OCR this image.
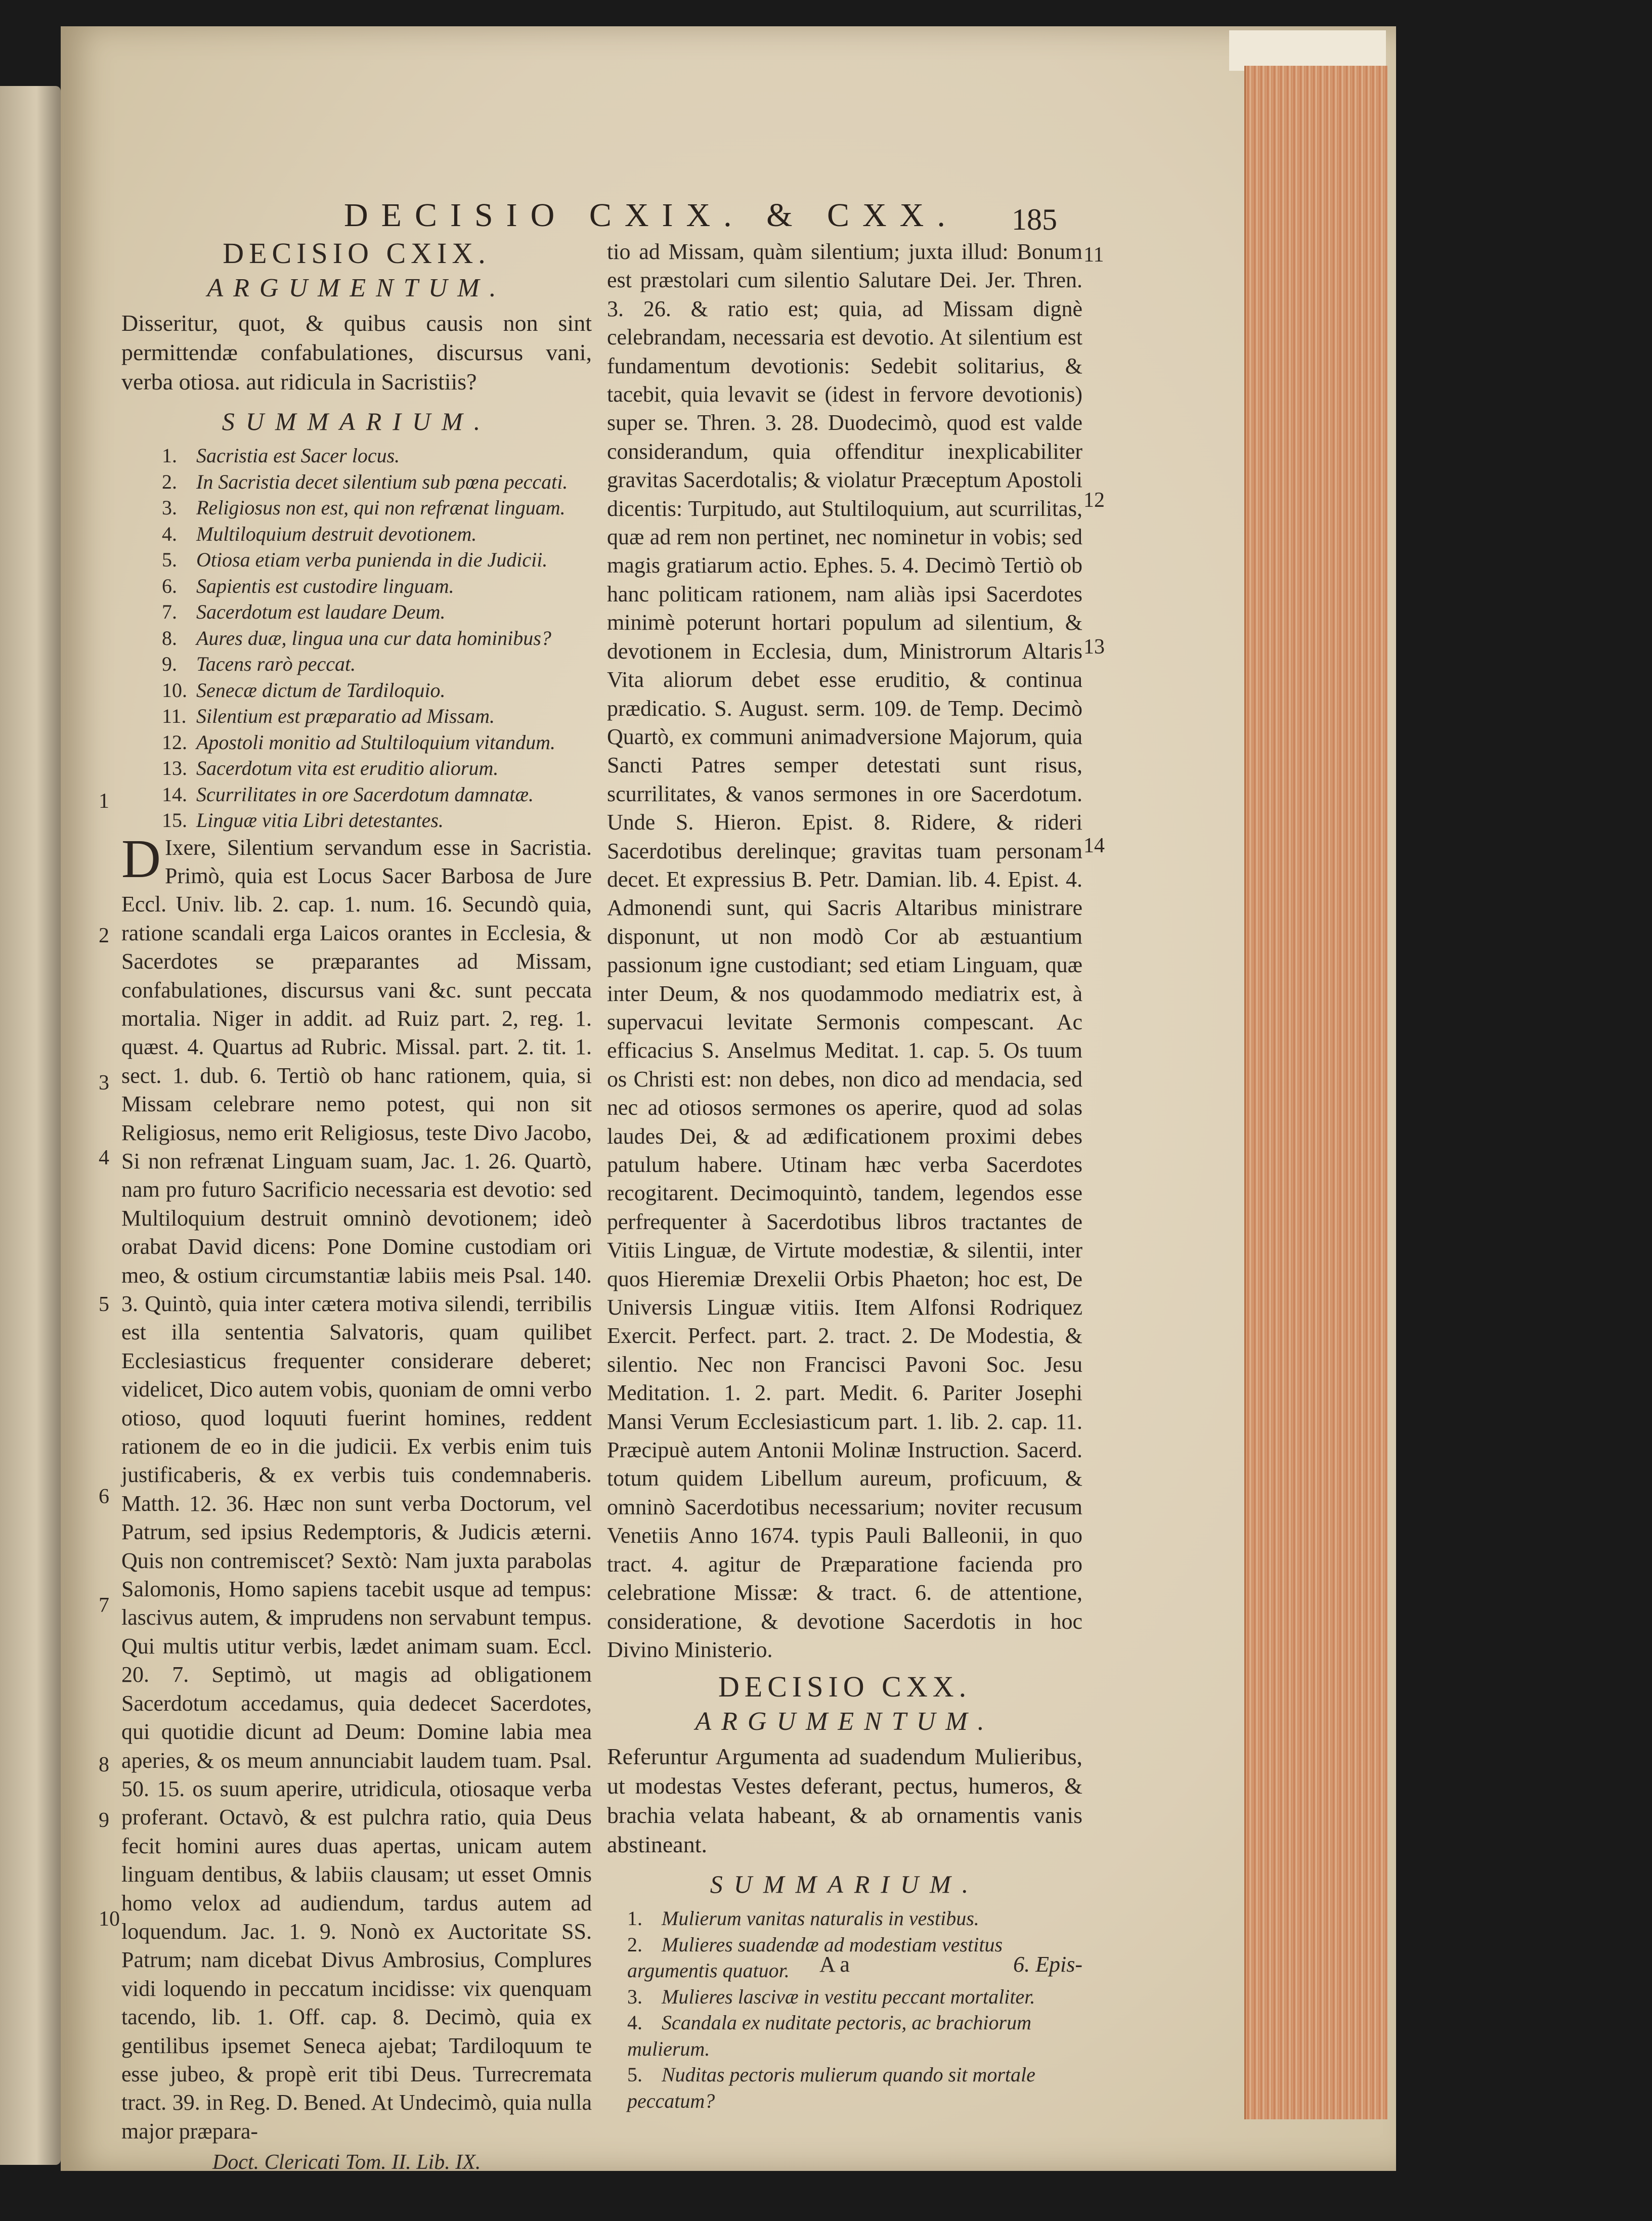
DECISIO CXIX. & CXX.	185
DECISIO CXIX.
ARGUMENTUM.

Disseritur, quot, & quibus causis non sint permittendæ confabulationes, discursus vani, verba otiosa. aut ridicula in Sacristiis?

SUMMARIUM.
1. Sacristia est Sacer locus.
2. In Sacristia decet silentium sub pœna peccati.
3. Religiosus non est, qui non refrænat linguam.
4. Multiloquium destruit devotionem.
5. Otiosa etiam verba punienda in die Judicii.
6. Sapientis est custodire linguam.
7. Sacerdotum est laudare Deum.
8. Aures duæ, lingua una cur data hominibus?
9. Tacens rarò peccat.
10. Senecæ dictum de Tardiloquio.
11. Silentium est præparatio ad Missam.
12. Apostoli monitio ad Stultiloquium vitandum.
13. Sacerdotum vita est eruditio aliorum.
14. Scurrilitates in ore Sacerdotum damnatæ.
15. Linguæ vitia Libri detestantes.

D Ixere, Silentium servandum esse in Sacristia. Primò, quia est Locus Sacer Barbosa de Jure Eccl. Univ. lib. 2. cap. 1. num. 16. Secundò quia, ratione scandali erga Laicos orantes in Ecclesia, & Sacerdotes se præparantes ad Missam, confabulationes, discursus vani &c. sunt peccata mortalia. Niger in addit. ad Ruiz part. 2, reg. 1. quæst. 4. Quartus ad Rubric. Missal. part. 2. tit. 1. sect. 1. dub. 6. Tertiò ob hanc rationem, quia, si Missam celebrare nemo potest, qui non sit Religiosus, nemo erit Religiosus, teste Divo Jacobo, Si non refrænat Linguam suam, Jac. 1. 26. Quartò, nam pro futuro Sacrificio necessaria est devotio: sed Multiloquium destruit omninò devotionem; ideò orabat David dicens: Pone Domine custodiam ori meo, & ostium circumstantiæ labiis meis Psal. 140. 3. Quintò, quia inter cætera motiva silendi, terribilis est illa sententia Salvatoris, quam quilibet Ecclesiasticus frequenter considerare deberet; videlicet, Dico autem vobis, quoniam de omni verbo otioso, quod loquuti fuerint homines, reddent rationem de eo in die judicii. Ex verbis enim tuis justificaberis, & ex verbis tuis condemnaberis. Matth. 12. 36. Hæc non sunt verba Doctorum, vel Patrum, sed ipsius Redemptoris, & Judicis æterni. Quis non contremiscet? Sextò: Nam juxta parabolas Salomonis, Homo sapiens tacebit usque ad tempus: lascivus autem, & imprudens non servabunt tempus. Qui multis utitur verbis, lædet animam suam. Eccl. 20. 7. Septimò, ut magis ad obligationem Sacerdotum accedamus, quia dedecet Sacerdotes, qui quotidie dicunt ad Deum: Domine labia mea aperies, & os meum annunciabit laudem tuam. Psal. 50. 15. os suum aperire, utridicula, otiosaque verba proferant. Octavò, & est pulchra ratio, quia Deus fecit homini aures duas apertas, unicam autem linguam dentibus, & labiis clausam; ut esset Omnis homo velox ad audiendum, tardus autem ad loquendum. Jac. 1. 9. Nonò ex Auctoritate SS. Patrum; nam dicebat Divus Ambrosius, Complures vidi loquendo in peccatum incidisse: vix quenquam tacendo, lib. 1. Off. cap. 8. Decimò, quia ex gentilibus ipsemet Seneca ajebat; Tardiloquum te esse jubeo, & propè erit tibi Deus. Turrecremata tract. 39. in Reg. D. Bened. At Undecimò, quia nulla major præpara-

Doct. Clericati Tom. II. Lib. IX.

tio ad Missam, quàm silentium; juxta illud: Bonum est præstolari cum silentio Salutare Dei. Jer. Thren. 3. 26. & ratio est; quia, ad Missam dignè celebrandam, necessaria est devotio. At silentium est fundamentum devotionis: Sedebit solitarius, & tacebit, quia levavit se (idest in fervore devotionis) super se. Thren. 3. 28. Duodecimò, quod est valde considerandum, quia offenditur inexplicabiliter gravitas Sacerdotalis; & violatur Præceptum Apostoli dicentis: Turpitudo, aut Stultiloquium, aut scurrilitas, quæ ad rem non pertinet, nec nominetur in vobis; sed magis gratiarum actio. Ephes. 5. 4. Decimò Tertiò ob hanc politicam rationem, nam aliàs ipsi Sacerdotes minimè poterunt hortari populum ad silentium, & devotionem in Ecclesia, dum, Ministrorum Altaris Vita aliorum debet esse eruditio, & continua prædicatio. S. August. serm. 109. de Temp. Decimò Quartò, ex communi animadversione Majorum, quia Sancti Patres semper detestati sunt risus, scurrilitates, & vanos sermones in ore Sacerdotum. Unde S. Hieron. Epist. 8. Ridere, & rideri Sacerdotibus derelinque; gravitas tuam personam decet. Et expressius B. Petr. Damian. lib. 4. Epist. 4. Admonendi sunt, qui Sacris Altaribus ministrare disponunt, ut non modò Cor ab æstuantium passionum igne custodiant; sed etiam Linguam, quæ inter Deum, & nos quodammodo mediatrix est, à supervacui levitate Sermonis compescant. Ac efficacius S. Anselmus Meditat. 1. cap. 5. Os tuum os Christi est: non debes, non dico ad mendacia, sed nec ad otiosos sermones os aperire, quod ad solas laudes Dei, & ad ædificationem proximi debes patulum habere. Utinam hæc verba Sacerdotes recogitarent. Decimoquintò, tandem, legendos esse perfrequenter à Sacerdotibus libros tractantes de Vitiis Linguæ, de Virtute modestiæ, & silentii, inter quos Hieremiæ Drexelii Orbis Phaeton; hoc est, De Universis Linguæ vitiis. Item Alfonsi Rodriquez Exercit. Perfect. part. 2. tract. 2. De Modestia, & silentio. Nec non Francisci Pavoni Soc. Jesu Meditation. 1. 2. part. Medit. 6. Pariter Josephi Mansi Verum Ecclesiasticum part. 1. lib. 2. cap. 11. Præcipuè autem Antonii Molinæ Instruction. Sacerd. totum quidem Libellum aureum, proficuum, & omninò Sacerdotibus necessarium; noviter recusum Venetiis Anno 1674. typis Pauli Balleonii, in quo tract. 4. agitur de Præparatione facienda pro celebratione Missæ: & tract. 6. de attentione, consideratione, & devotione Sacerdotis in hoc Divino Ministerio.

DECISIO CXX.
ARGUMENTUM.

Referuntur Argumenta ad suadendum Mulieribus, ut modestas Vestes deferant, pectus, humeros, & brachia velata habeant, & ab ornamentis vanis abstineant.

SUMMARIUM.
1. Mulierum vanitas naturalis in vestibus.
2. Mulieres suadendæ ad modestiam vestitus argumentis quatuor.
3. Mulieres lascivæ in vestitu peccant mortaliter.
4. Scandala ex nuditate pectoris, ac brachiorum mulierum.
5. Nuditas pectoris mulierum quando sit mortale peccatum?
A a	6. Epis-
1
2
3
4
5
6
7
8
9
10
11
12
13
14
